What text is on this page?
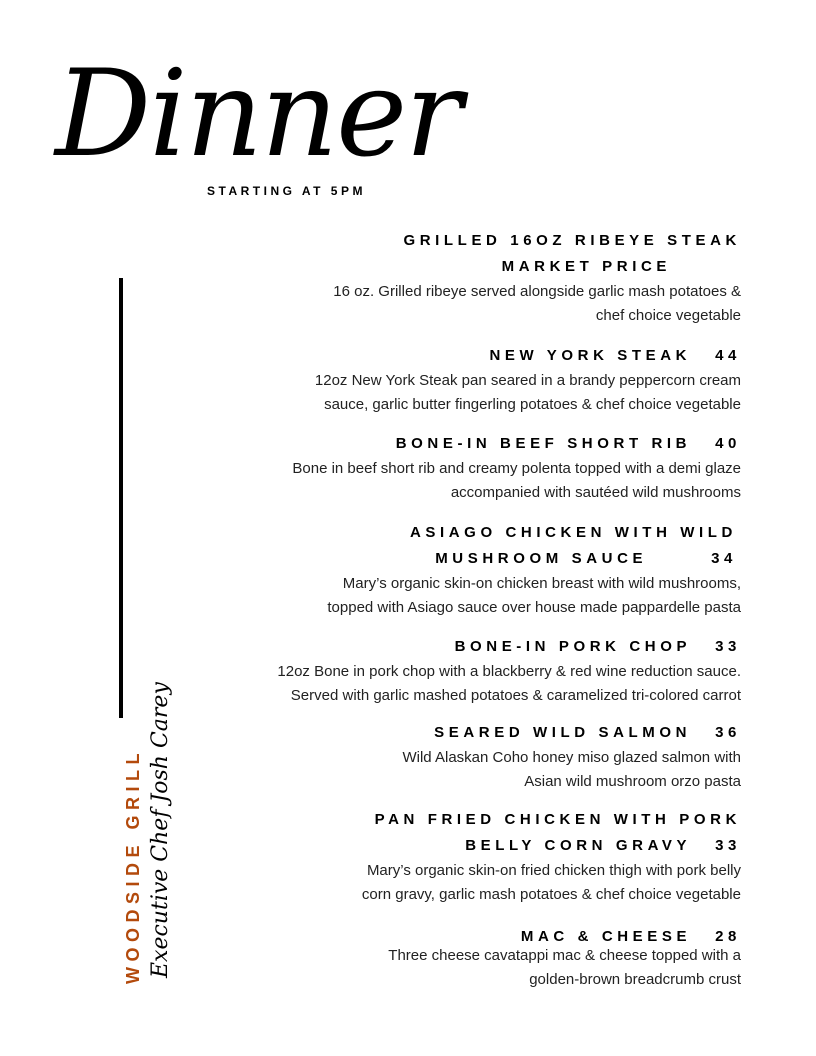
Dinner
STARTING AT 5PM
WOODSIDE GRILL Executive Chef Josh Carey
GRILLED 16OZ RIBEYE STEAK
MARKET PRICE
16 oz. Grilled ribeye served alongside garlic mash potatoes &
chef choice vegetable
NEW YORK STEAK 44
12oz New York Steak pan seared in a brandy peppercorn cream
sauce, garlic butter fingerling potatoes & chef choice vegetable
BONE-IN BEEF SHORT RIB 40
Bone in beef short rib and creamy polenta topped with a demi glaze
accompanied with sautéed wild mushrooms
ASIAGO CHICKEN WITH WILD
MUSHROOM SAUCE	34
Mary’s organic skin-on chicken breast with wild mushrooms,
topped with Asiago sauce over house made pappardelle pasta
BONE-IN PORK CHOP 33
12oz Bone in pork chop with a blackberry & red wine reduction sauce.
Served with garlic mashed potatoes & caramelized tri-colored carrot
SEARED WILD SALMON 36
Wild Alaskan Coho honey miso glazed salmon with
Asian wild mushroom orzo pasta
PAN FRIED CHICKEN WITH PORK
BELLY CORN GRAVY 33
Mary’s organic skin-on fried chicken thigh with pork belly
corn gravy, garlic mash potatoes & chef choice vegetable
MAC & CHEESE 28
Three cheese cavatappi mac & cheese topped with a
golden-brown breadcrumb crust
